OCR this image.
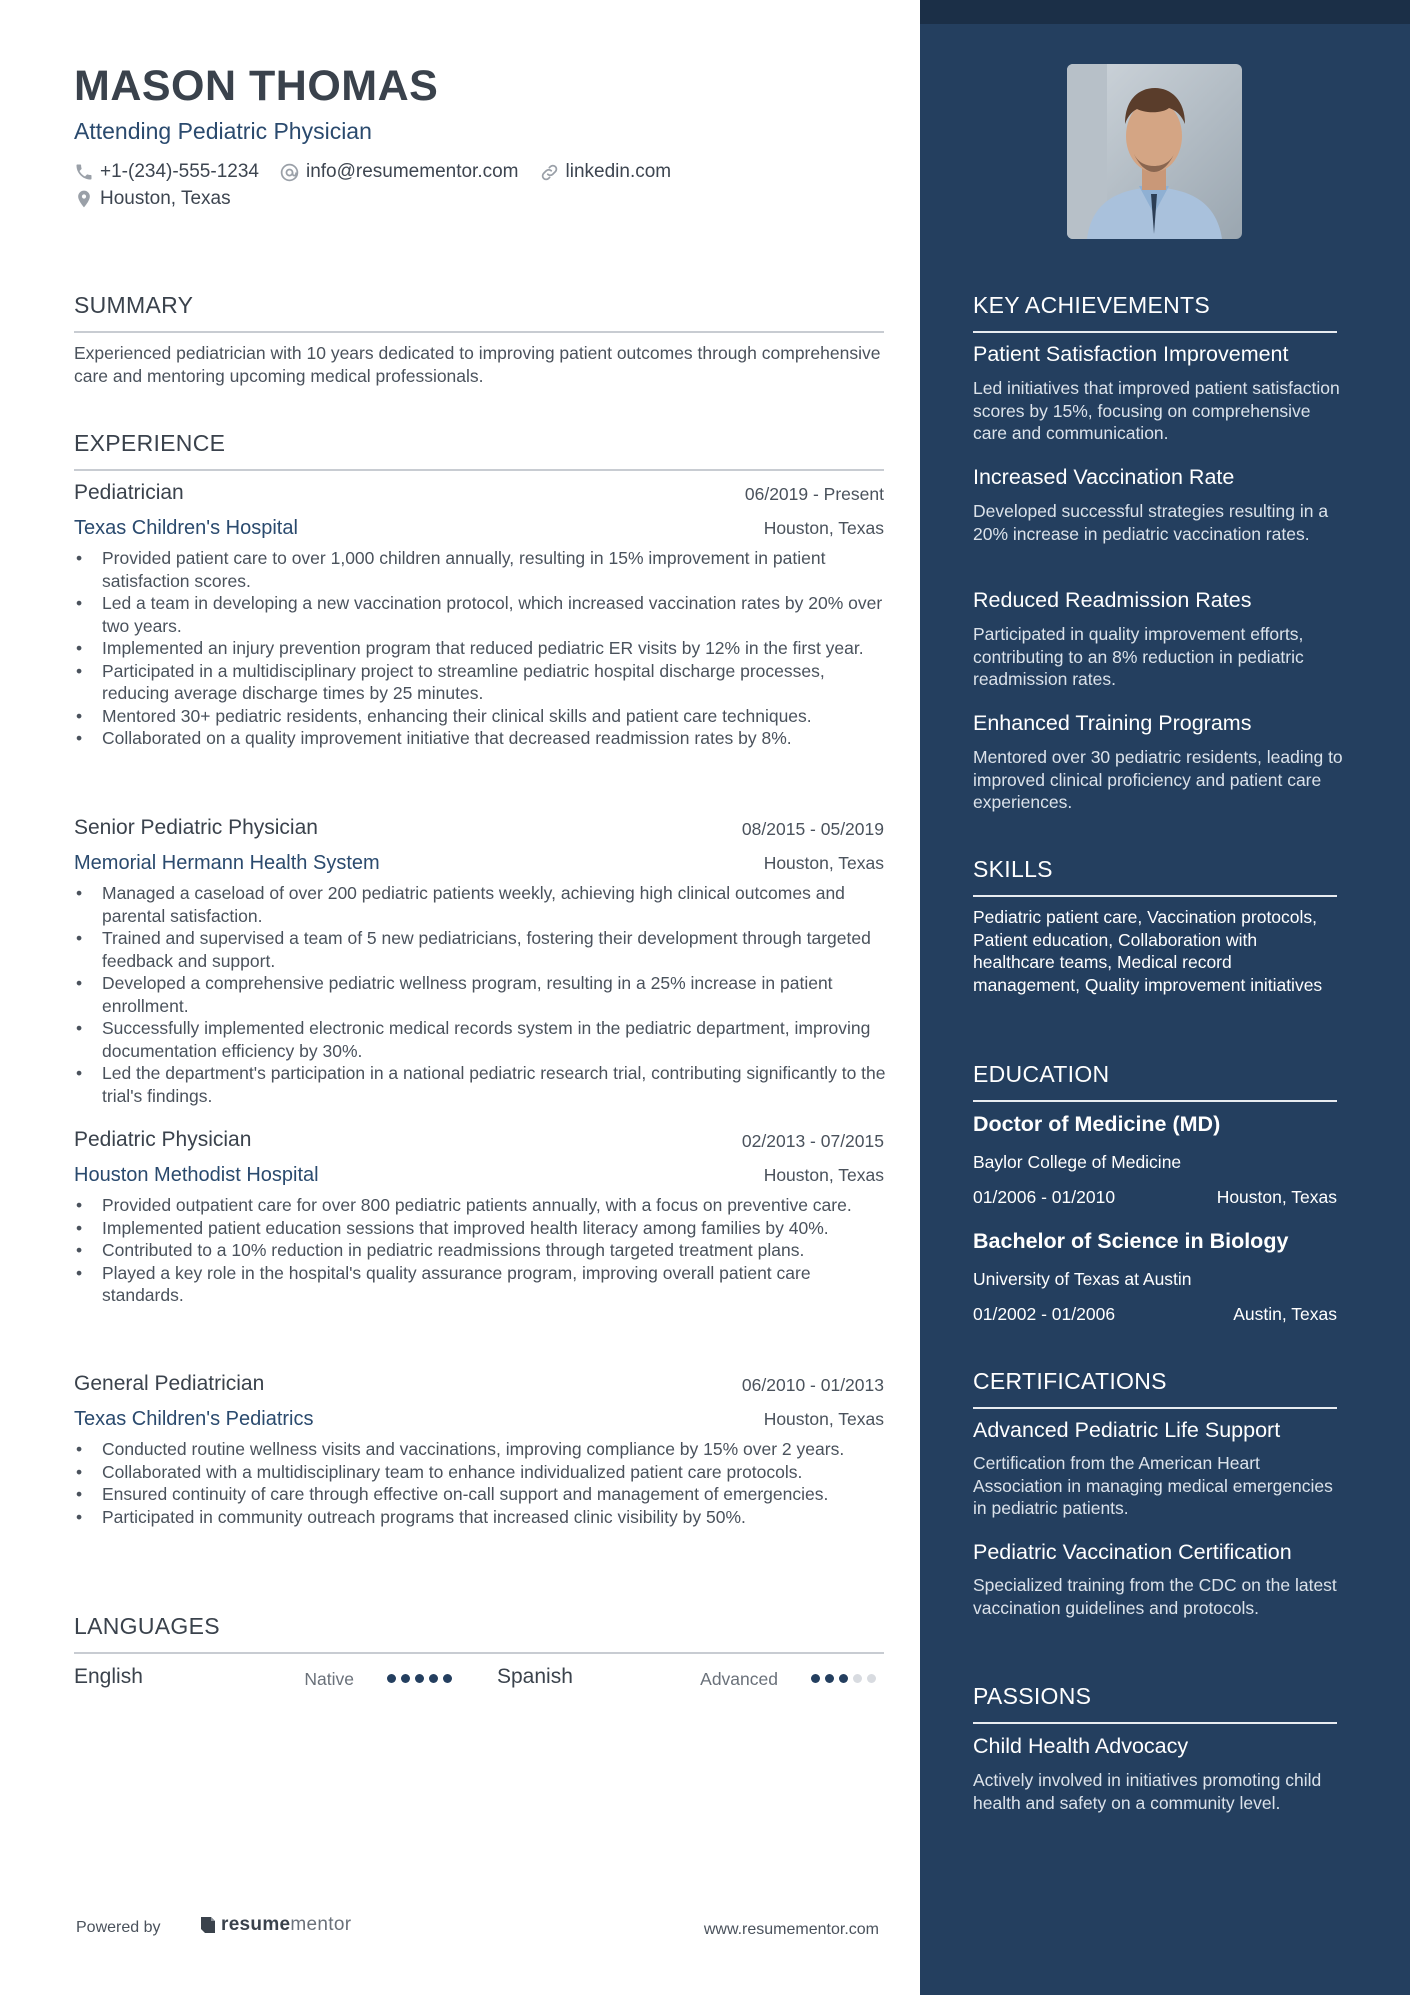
MASON THOMAS
Attending Pediatric Physician
+1-(234)-555-1234 info@resumementor.com linkedin.com
Houston, Texas
SUMMARY
Experienced pediatrician with 10 years dedicated to improving patient outcomes through comprehensive care and mentoring upcoming medical professionals.
EXPERIENCE
Pediatrician	06/2019 - Present
Texas Children's Hospital	Houston, Texas
• Provided patient care to over 1,000 children annually, resulting in 15% improvement in patient satisfaction scores.
• Led a team in developing a new vaccination protocol, which increased vaccination rates by 20% over two years.
• Implemented an injury prevention program that reduced pediatric ER visits by 12% in the first year.
• Participated in a multidisciplinary project to streamline pediatric hospital discharge processes, reducing average discharge times by 25 minutes.
• Mentored 30+ pediatric residents, enhancing their clinical skills and patient care techniques.
• Collaborated on a quality improvement initiative that decreased readmission rates by 8%.
Senior Pediatric Physician	08/2015 - 05/2019
Memorial Hermann Health System	Houston, Texas
• Managed a caseload of over 200 pediatric patients weekly, achieving high clinical outcomes and parental satisfaction.
• Trained and supervised a team of 5 new pediatricians, fostering their development through targeted feedback and support.
• Developed a comprehensive pediatric wellness program, resulting in a 25% increase in patient enrollment.
• Successfully implemented electronic medical records system in the pediatric department, improving documentation efficiency by 30%.
• Led the department's participation in a national pediatric research trial, contributing significantly to the trial's findings.
Pediatric Physician	02/2013 - 07/2015
Houston Methodist Hospital	Houston, Texas
• Provided outpatient care for over 800 pediatric patients annually, with a focus on preventive care.
• Implemented patient education sessions that improved health literacy among families by 40%.
• Contributed to a 10% reduction in pediatric readmissions through targeted treatment plans.
• Played a key role in the hospital's quality assurance program, improving overall patient care standards.
General Pediatrician	06/2010 - 01/2013
Texas Children's Pediatrics	Houston, Texas
• Conducted routine wellness visits and vaccinations, improving compliance by 15% over 2 years.
• Collaborated with a multidisciplinary team to enhance individualized patient care protocols.
• Ensured continuity of care through effective on-call support and management of emergencies.
• Participated in community outreach programs that increased clinic visibility by 50%.
LANGUAGES
English	Native	Spanish	Advanced
Powered by	resume mentor	www.resumementor.com
KEY ACHIEVEMENTS
Patient Satisfaction Improvement
Led initiatives that improved patient satisfaction scores by 15%, focusing on comprehensive care and communication.
Increased Vaccination Rate
Developed successful strategies resulting in a 20% increase in pediatric vaccination rates.
Reduced Readmission Rates
Participated in quality improvement efforts, contributing to an 8% reduction in pediatric readmission rates.
Enhanced Training Programs
Mentored over 30 pediatric residents, leading to improved clinical proficiency and patient care experiences.
SKILLS
Pediatric patient care, Vaccination protocols, Patient education, Collaboration with healthcare teams, Medical record management, Quality improvement initiatives
EDUCATION
Doctor of Medicine (MD)
Baylor College of Medicine
01/2006 - 01/2010	Houston, Texas
Bachelor of Science in Biology
University of Texas at Austin
01/2002 - 01/2006	Austin, Texas
CERTIFICATIONS
Advanced Pediatric Life Support
Certification from the American Heart Association in managing medical emergencies in pediatric patients.
Pediatric Vaccination Certification
Specialized training from the CDC on the latest vaccination guidelines and protocols.
PASSIONS
Child Health Advocacy
Actively involved in initiatives promoting child health and safety on a community level.
